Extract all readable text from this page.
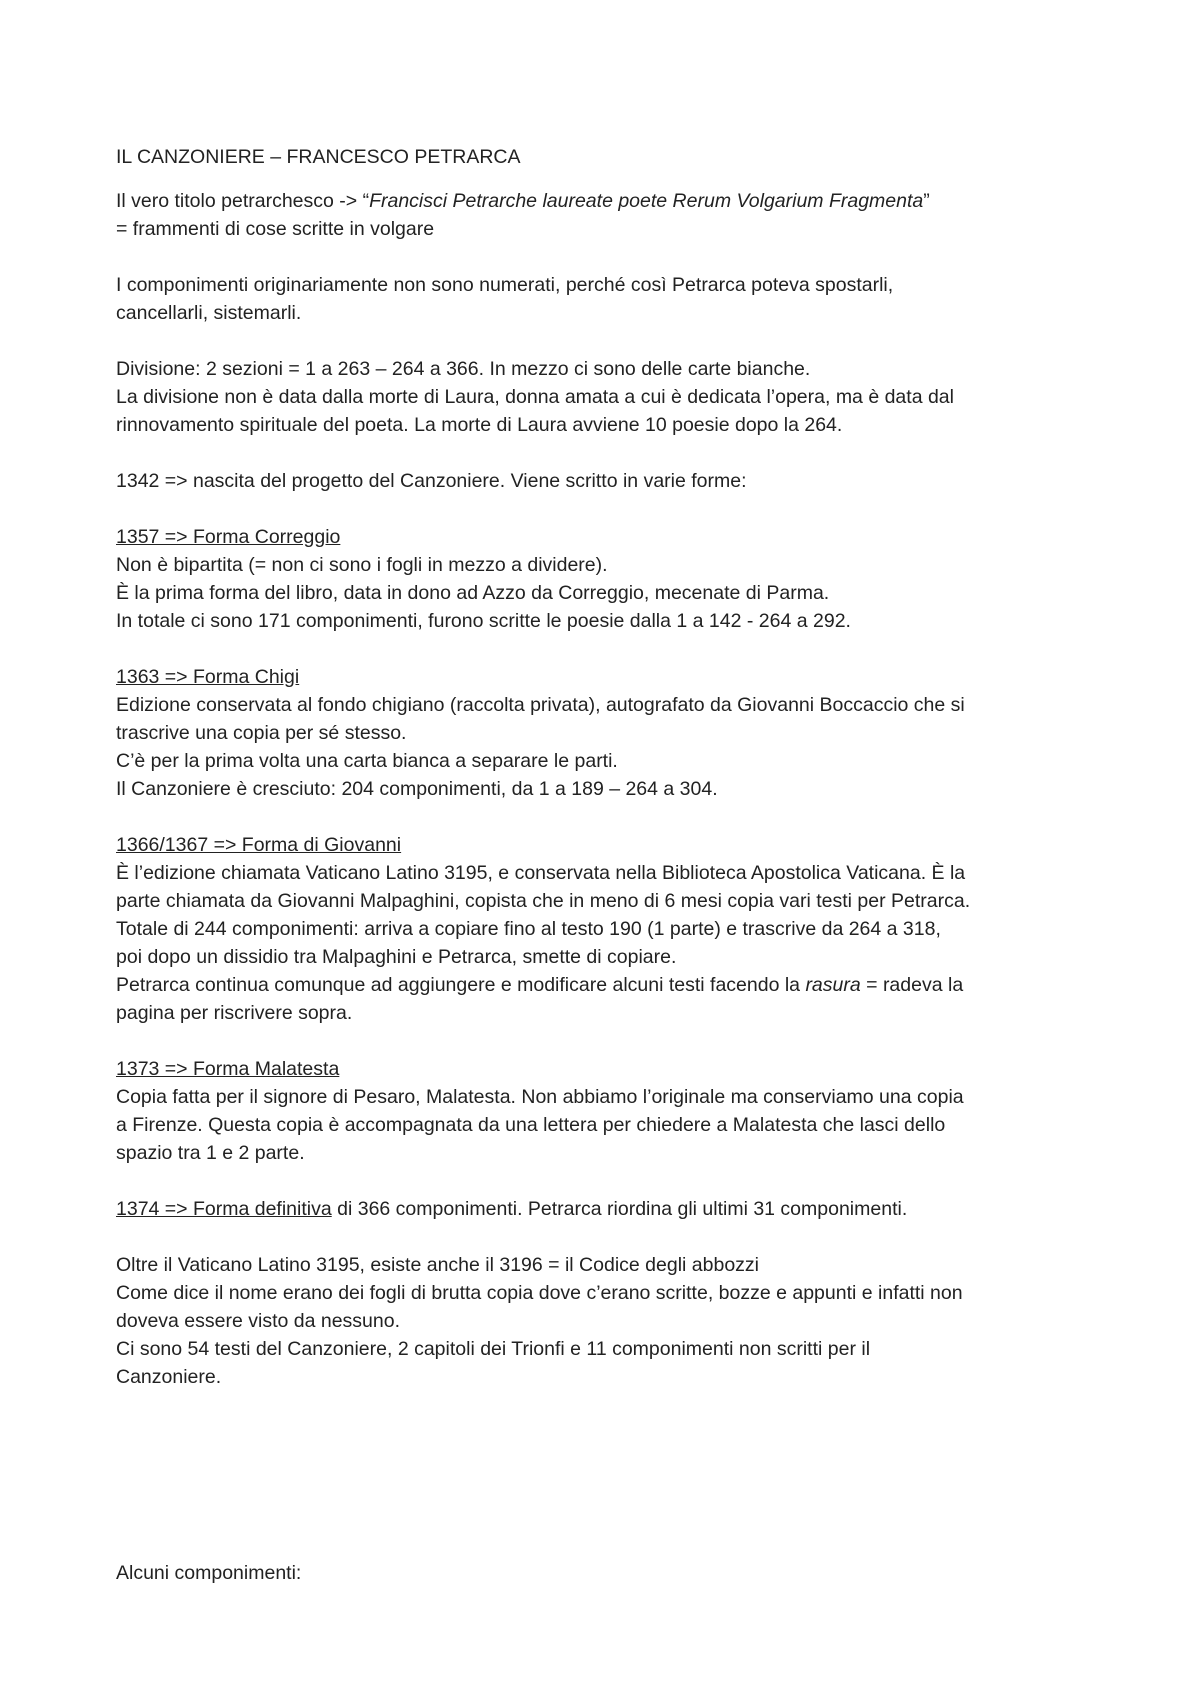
IL CANZONIERE – FRANCESCO PETRARCA
Il vero titolo petrarchesco -> “Francisci Petrarche laureate poete Rerum Volgarium Fragmenta”
= frammenti di cose scritte in volgare
I componimenti originariamente non sono numerati, perché così Petrarca poteva spostarli,
cancellarli, sistemarli.
Divisione: 2 sezioni = 1 a 263 – 264 a 366. In mezzo ci sono delle carte bianche.
La divisione non è data dalla morte di Laura, donna amata a cui è dedicata l’opera, ma è data dal
rinnovamento spirituale del poeta. La morte di Laura avviene 10 poesie dopo la 264.
1342 => nascita del progetto del Canzoniere. Viene scritto in varie forme:
1357 => Forma Correggio
Non è bipartita (= non ci sono i fogli in mezzo a dividere).
È la prima forma del libro, data in dono ad Azzo da Correggio, mecenate di Parma.
In totale ci sono 171 componimenti, furono scritte le poesie dalla 1 a 142 - 264 a 292.
1363 => Forma Chigi
Edizione conservata al fondo chigiano (raccolta privata), autografato da Giovanni Boccaccio che si
trascrive una copia per sé stesso.
C’è per la prima volta una carta bianca a separare le parti.
Il Canzoniere è cresciuto: 204 componimenti, da 1 a 189 – 264 a 304.
1366/1367 => Forma di Giovanni
È l’edizione chiamata Vaticano Latino 3195, e conservata nella Biblioteca Apostolica Vaticana. È la
parte chiamata da Giovanni Malpaghini, copista che in meno di 6 mesi copia vari testi per Petrarca.
Totale di 244 componimenti: arriva a copiare fino al testo 190 (1 parte) e trascrive da 264 a 318,
poi dopo un dissidio tra Malpaghini e Petrarca, smette di copiare.
Petrarca continua comunque ad aggiungere e modificare alcuni testi facendo la rasura = radeva la
pagina per riscrivere sopra.
1373 => Forma Malatesta
Copia fatta per il signore di Pesaro, Malatesta. Non abbiamo l’originale ma conserviamo una copia
a Firenze. Questa copia è accompagnata da una lettera per chiedere a Malatesta che lasci dello
spazio tra 1 e 2 parte.
1374 => Forma definitiva di 366 componimenti. Petrarca riordina gli ultimi 31 componimenti.
Oltre il Vaticano Latino 3195, esiste anche il 3196 = il Codice degli abbozzi
Come dice il nome erano dei fogli di brutta copia dove c’erano scritte, bozze e appunti e infatti non
doveva essere visto da nessuno.
Ci sono 54 testi del Canzoniere, 2 capitoli dei Trionfi e 11 componimenti non scritti per il
Canzoniere.
Alcuni componimenti:
